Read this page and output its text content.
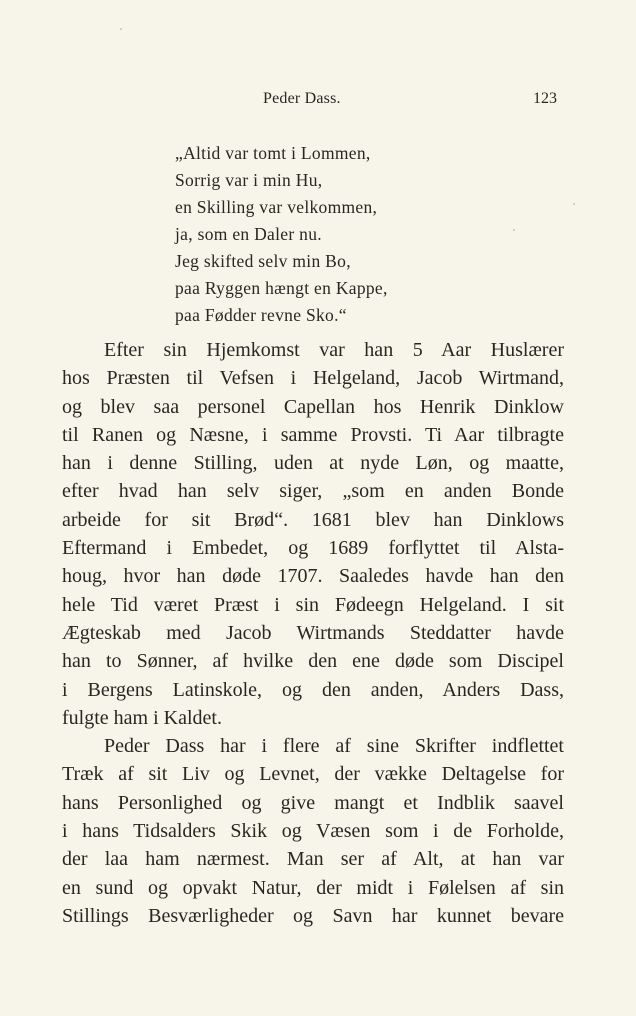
Peder Dass.	123
„Altid var tomt i Lommen,
Sorrig var i min Hu,
en Skilling var velkommen,
ja, som en Daler nu.
Jeg skifted selv min Bo,
paa Ryggen hængt en Kappe,
paa Fødder revne Sko.“
Efter sin Hjemkomst var han 5 Aar Huslærer
hos Præsten til Vefsen i Helgeland, Jacob Wirtmand,
og blev saa personel Capellan hos Henrik Dinklow
til Ranen og Næsne, i samme Provsti. Ti Aar tilbragte
han i denne Stilling, uden at nyde Løn, og maatte,
efter hvad han selv siger, „som en anden Bonde
arbeide for sit Brød“. 1681 blev han Dinklows
Eftermand i Embedet, og 1689 forflyttet til Alsta-
houg, hvor han døde 1707. Saaledes havde han den
hele Tid været Præst i sin Fødeegn Helgeland. I sit
Ægteskab med Jacob Wirtmands Steddatter havde
han to Sønner, af hvilke den ene døde som Discipel
i Bergens Latinskole, og den anden, Anders Dass,
fulgte ham i Kaldet.
Peder Dass har i flere af sine Skrifter indflettet
Træk af sit Liv og Levnet, der vække Deltagelse for
hans Personlighed og give mangt et Indblik saavel
i hans Tidsalders Skik og Væsen som i de Forholde,
der laa ham nærmest. Man ser af Alt, at han var
en sund og opvakt Natur, der midt i Følelsen af sin
Stillings Besværligheder og Savn har kunnet bevare
